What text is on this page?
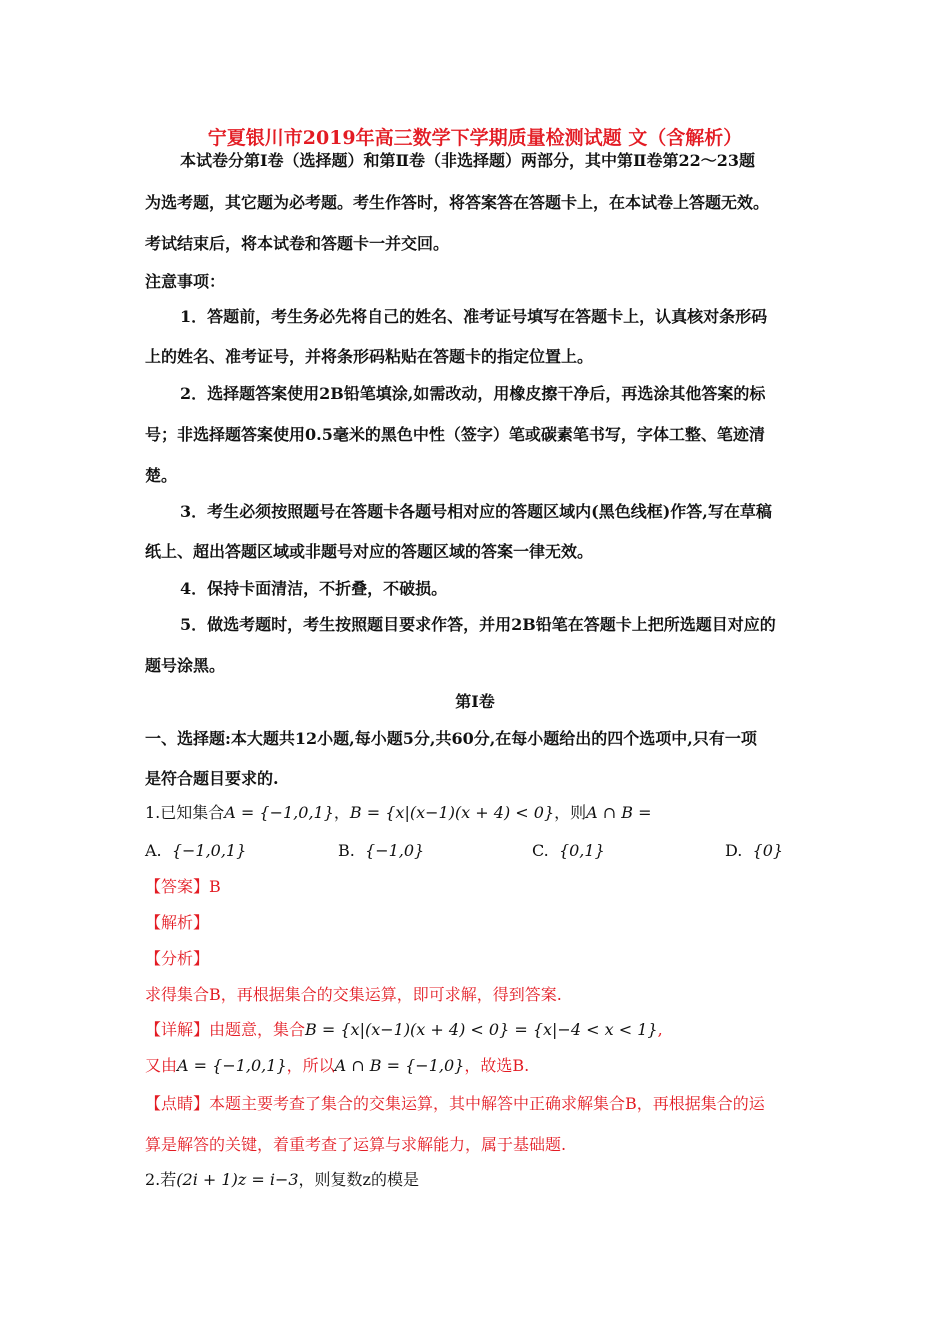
宁夏银川市2019年高三数学下学期质量检测试题 文（含解析）
本试卷分第Ⅰ卷（选择题）和第Ⅱ卷（非选择题）两部分，其中第Ⅱ卷第22～23题
为选考题，其它题为必考题。考生作答时，将答案答在答题卡上，在本试卷上答题无效。
考试结束后，将本试卷和答题卡一并交回。
注意事项：
1．答题前，考生务必先将自己的姓名、准考证号填写在答题卡上，认真核对条形码
上的姓名、准考证号，并将条形码粘贴在答题卡的指定位置上。
2．选择题答案使用2B铅笔填涂,如需改动，用橡皮擦干净后，再选涂其他答案的标
号；非选择题答案使用0.5毫米的黑色中性（签字）笔或碳素笔书写，字体工整、笔迹清
楚。
3．考生必须按照题号在答题卡各题号相对应的答题区域内(黑色线框)作答,写在草稿
纸上、超出答题区域或非题号对应的答题区域的答案一律无效。
4．保持卡面清洁，不折叠，不破损。
5．做选考题时，考生按照题目要求作答，并用2B铅笔在答题卡上把所选题目对应的
题号涂黑。
第Ⅰ卷
一、选择题:本大题共12小题,每小题5分,共60分,在每小题给出的四个选项中,只有一项
是符合题目要求的.
1.已知集合A = {−1,0,1}，B = {x|(x−1)(x + 4) < 0}，则A ∩ B =
A. {−1,0,1}	B. {−1,0}	C. {0,1}	D. {0}
【答案】B
【解析】
【分析】
求得集合B，再根据集合的交集运算，即可求解，得到答案.
【详解】由题意，集合B = {x|(x−1)(x + 4) < 0} = {x|−4 < x < 1},
又由A = {−1,0,1}，所以A ∩ B = {−1,0}，故选B.
【点睛】本题主要考查了集合的交集运算，其中解答中正确求解集合B，再根据集合的运
算是解答的关键，着重考查了运算与求解能力，属于基础题.
2.若(2i + 1)z = i−3，则复数z的模是
